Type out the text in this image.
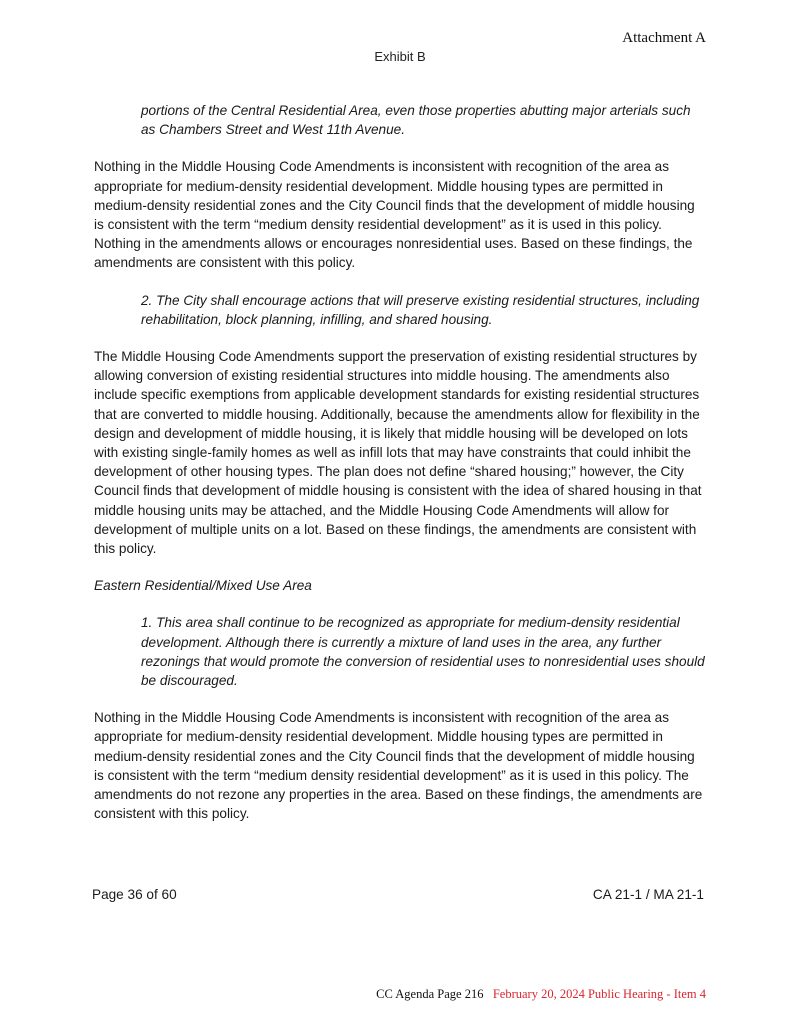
Attachment A
Exhibit B

portions of the Central Residential Area, even those properties abutting major arterials such as Chambers Street and West 11th Avenue.

Nothing in the Middle Housing Code Amendments is inconsistent with recognition of the area as appropriate for medium-density residential development. Middle housing types are permitted in medium-density residential zones and the City Council finds that the development of middle housing is consistent with the term “medium density residential development” as it is used in this policy. Nothing in the amendments allows or encourages nonresidential uses. Based on these findings, the amendments are consistent with this policy.

2. The City shall encourage actions that will preserve existing residential structures, including rehabilitation, block planning, infilling, and shared housing.

The Middle Housing Code Amendments support the preservation of existing residential structures by allowing conversion of existing residential structures into middle housing. The amendments also include specific exemptions from applicable development standards for existing residential structures that are converted to middle housing. Additionally, because the amendments allow for flexibility in the design and development of middle housing, it is likely that middle housing will be developed on lots with existing single-family homes as well as infill lots that may have constraints that could inhibit the development of other housing types. The plan does not define “shared housing;” however, the City Council finds that development of middle housing is consistent with the idea of shared housing in that middle housing units may be attached, and the Middle Housing Code Amendments will allow for development of multiple units on a lot. Based on these findings, the amendments are consistent with this policy.

Eastern Residential/Mixed Use Area

1. This area shall continue to be recognized as appropriate for medium-density residential development. Although there is currently a mixture of land uses in the area, any further rezonings that would promote the conversion of residential uses to nonresidential uses should be discouraged.

Nothing in the Middle Housing Code Amendments is inconsistent with recognition of the area as appropriate for medium-density residential development. Middle housing types are permitted in medium-density residential zones and the City Council finds that the development of middle housing is consistent with the term “medium density residential development” as it is used in this policy. The amendments do not rezone any properties in the area. Based on these findings, the amendments are consistent with this policy.

Page 36 of 60	CA 21-1 / MA 21-1
CC Agenda Page 216 February 20, 2024 Public Hearing - Item 4
